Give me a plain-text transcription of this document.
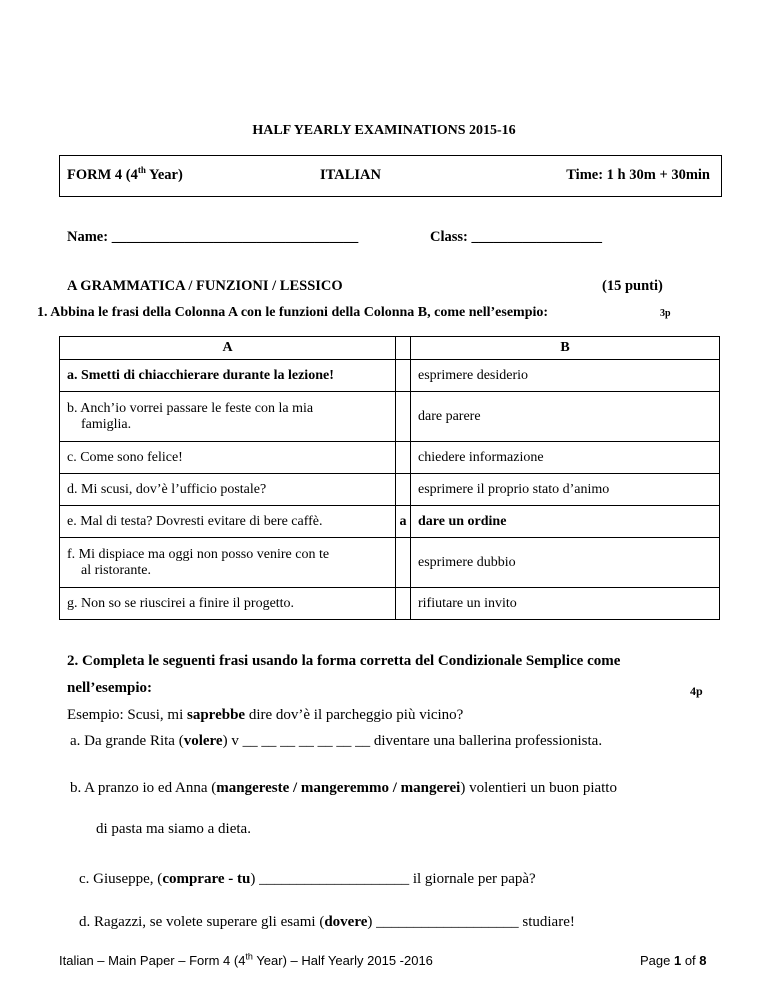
HALF YEARLY EXAMINATIONS 2015-16
FORM 4 (4th Year)	ITALIAN	Time: 1 h 30m + 30min
Name: __________________________________	Class: __________________
A GRAMMATICA / FUNZIONI / LESSICO	(15 punti)
1. Abbina le frasi della Colonna A con le funzioni della Colonna B, come nell’esempio:	3p
A		B
a. Smetti di chiacchierare durante la lezione!		esprimere desiderio

b. Anch’io vorrei passare le feste con la mia
famiglia.		dare parere
c. Come sono felice!		chiedere informazione
d. Mi scusi, dov’è l’ufficio postale?		esprimere il proprio stato d’animo
e. Mal di testa? Dovresti evitare di bere caffè.	a	dare un ordine

f. Mi dispiace ma oggi non posso venire con te
al ristorante.		esprimere dubbio
g. Non so se riuscirei a finire il progetto.		rifiutare un invito
2. Completa le seguenti frasi usando la forma corretta del Condizionale Semplice come
nell’esempio:	4p
Esempio: Scusi, mi saprebbe dire dov’è il parcheggio più vicino?
a. Da grande Rita (volere) v __ __ __ __ __ __ __ diventare una ballerina professionista.
b. A pranzo io ed Anna (mangereste / mangeremmo / mangerei) volentieri un buon piatto
di pasta ma siamo a dieta.
c. Giuseppe, (comprare - tu) ____________________ il giornale per papà?
d. Ragazzi, se volete superare gli esami (dovere) ___________________ studiare!
Italian – Main Paper – Form 4 (4th Year) – Half Yearly 2015 -2016	Page 1 of 8
